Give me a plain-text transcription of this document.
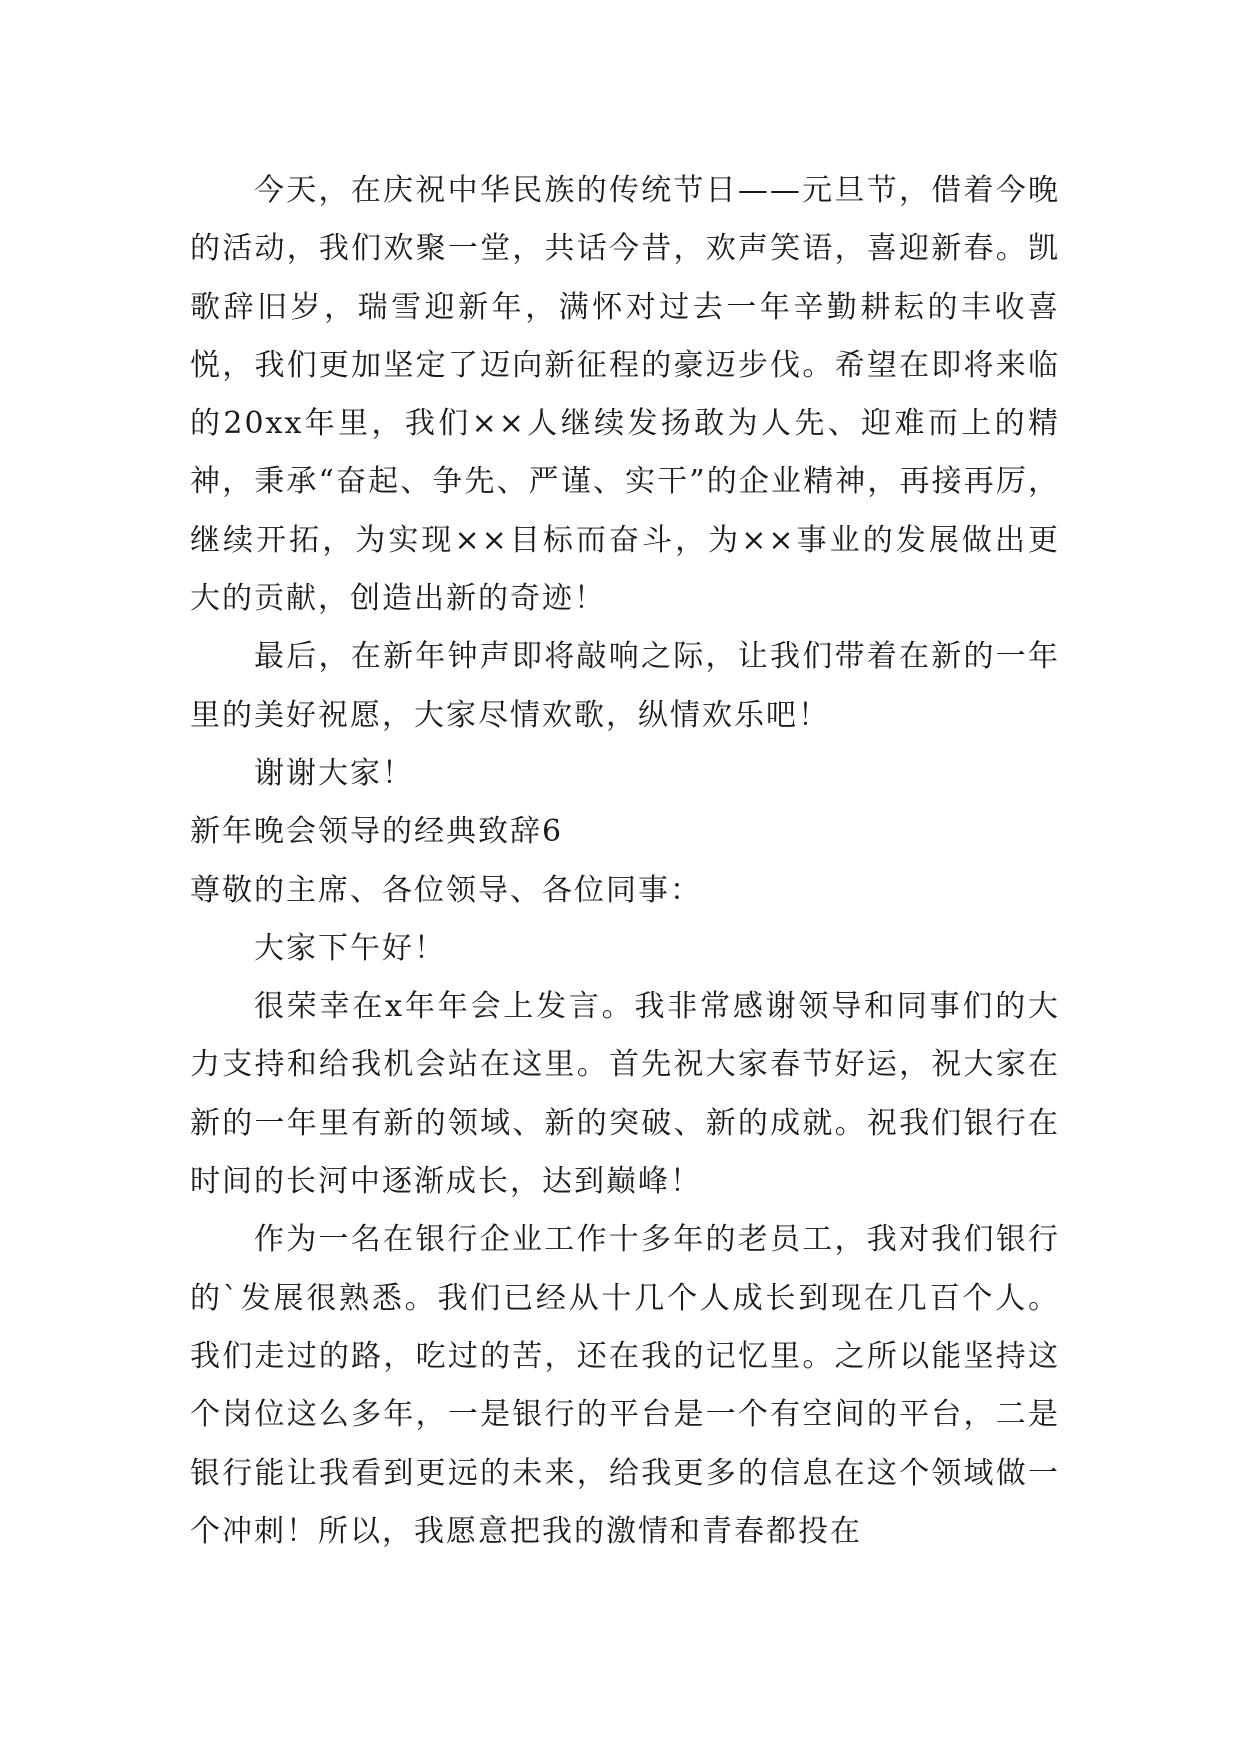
今天，在庆祝中华民族的传统节日——元旦节，借着今晚的活动，我们欢聚一堂，共话今昔，欢声笑语，喜迎新春。凯歌辞旧岁，瑞雪迎新年，满怀对过去一年辛勤耕耘的丰收喜悦，我们更加坚定了迈向新征程的豪迈步伐。希望在即将来临的20xx年里，我们××人继续发扬敢为人先、迎难而上的精神，秉承“奋起、争先、严谨、实干”的企业精神，再接再厉，继续开拓，为实现××目标而奋斗，为××事业的发展做出更大的贡献，创造出新的奇迹！

最后，在新年钟声即将敲响之际，让我们带着在新的一年里的美好祝愿，大家尽情欢歌，纵情欢乐吧！

谢谢大家！

新年晚会领导的经典致辞6

尊敬的主席、各位领导、各位同事：

大家下午好！

很荣幸在x年年会上发言。我非常感谢领导和同事们的大力支持和给我机会站在这里。首先祝大家春节好运，祝大家在新的一年里有新的领域、新的突破、新的成就。祝我们银行在时间的长河中逐渐成长，达到巅峰！

作为一名在银行企业工作十多年的老员工，我对我们银行的`发展很熟悉。我们已经从十几个人成长到现在几百个人。我们走过的路，吃过的苦，还在我的记忆里。之所以能坚持这个岗位这么多年，一是银行的平台是一个有空间的平台，二是银行能让我看到更远的未来，给我更多的信息在这个领域做一个冲刺！所以，我愿意把我的激情和青春都投在
